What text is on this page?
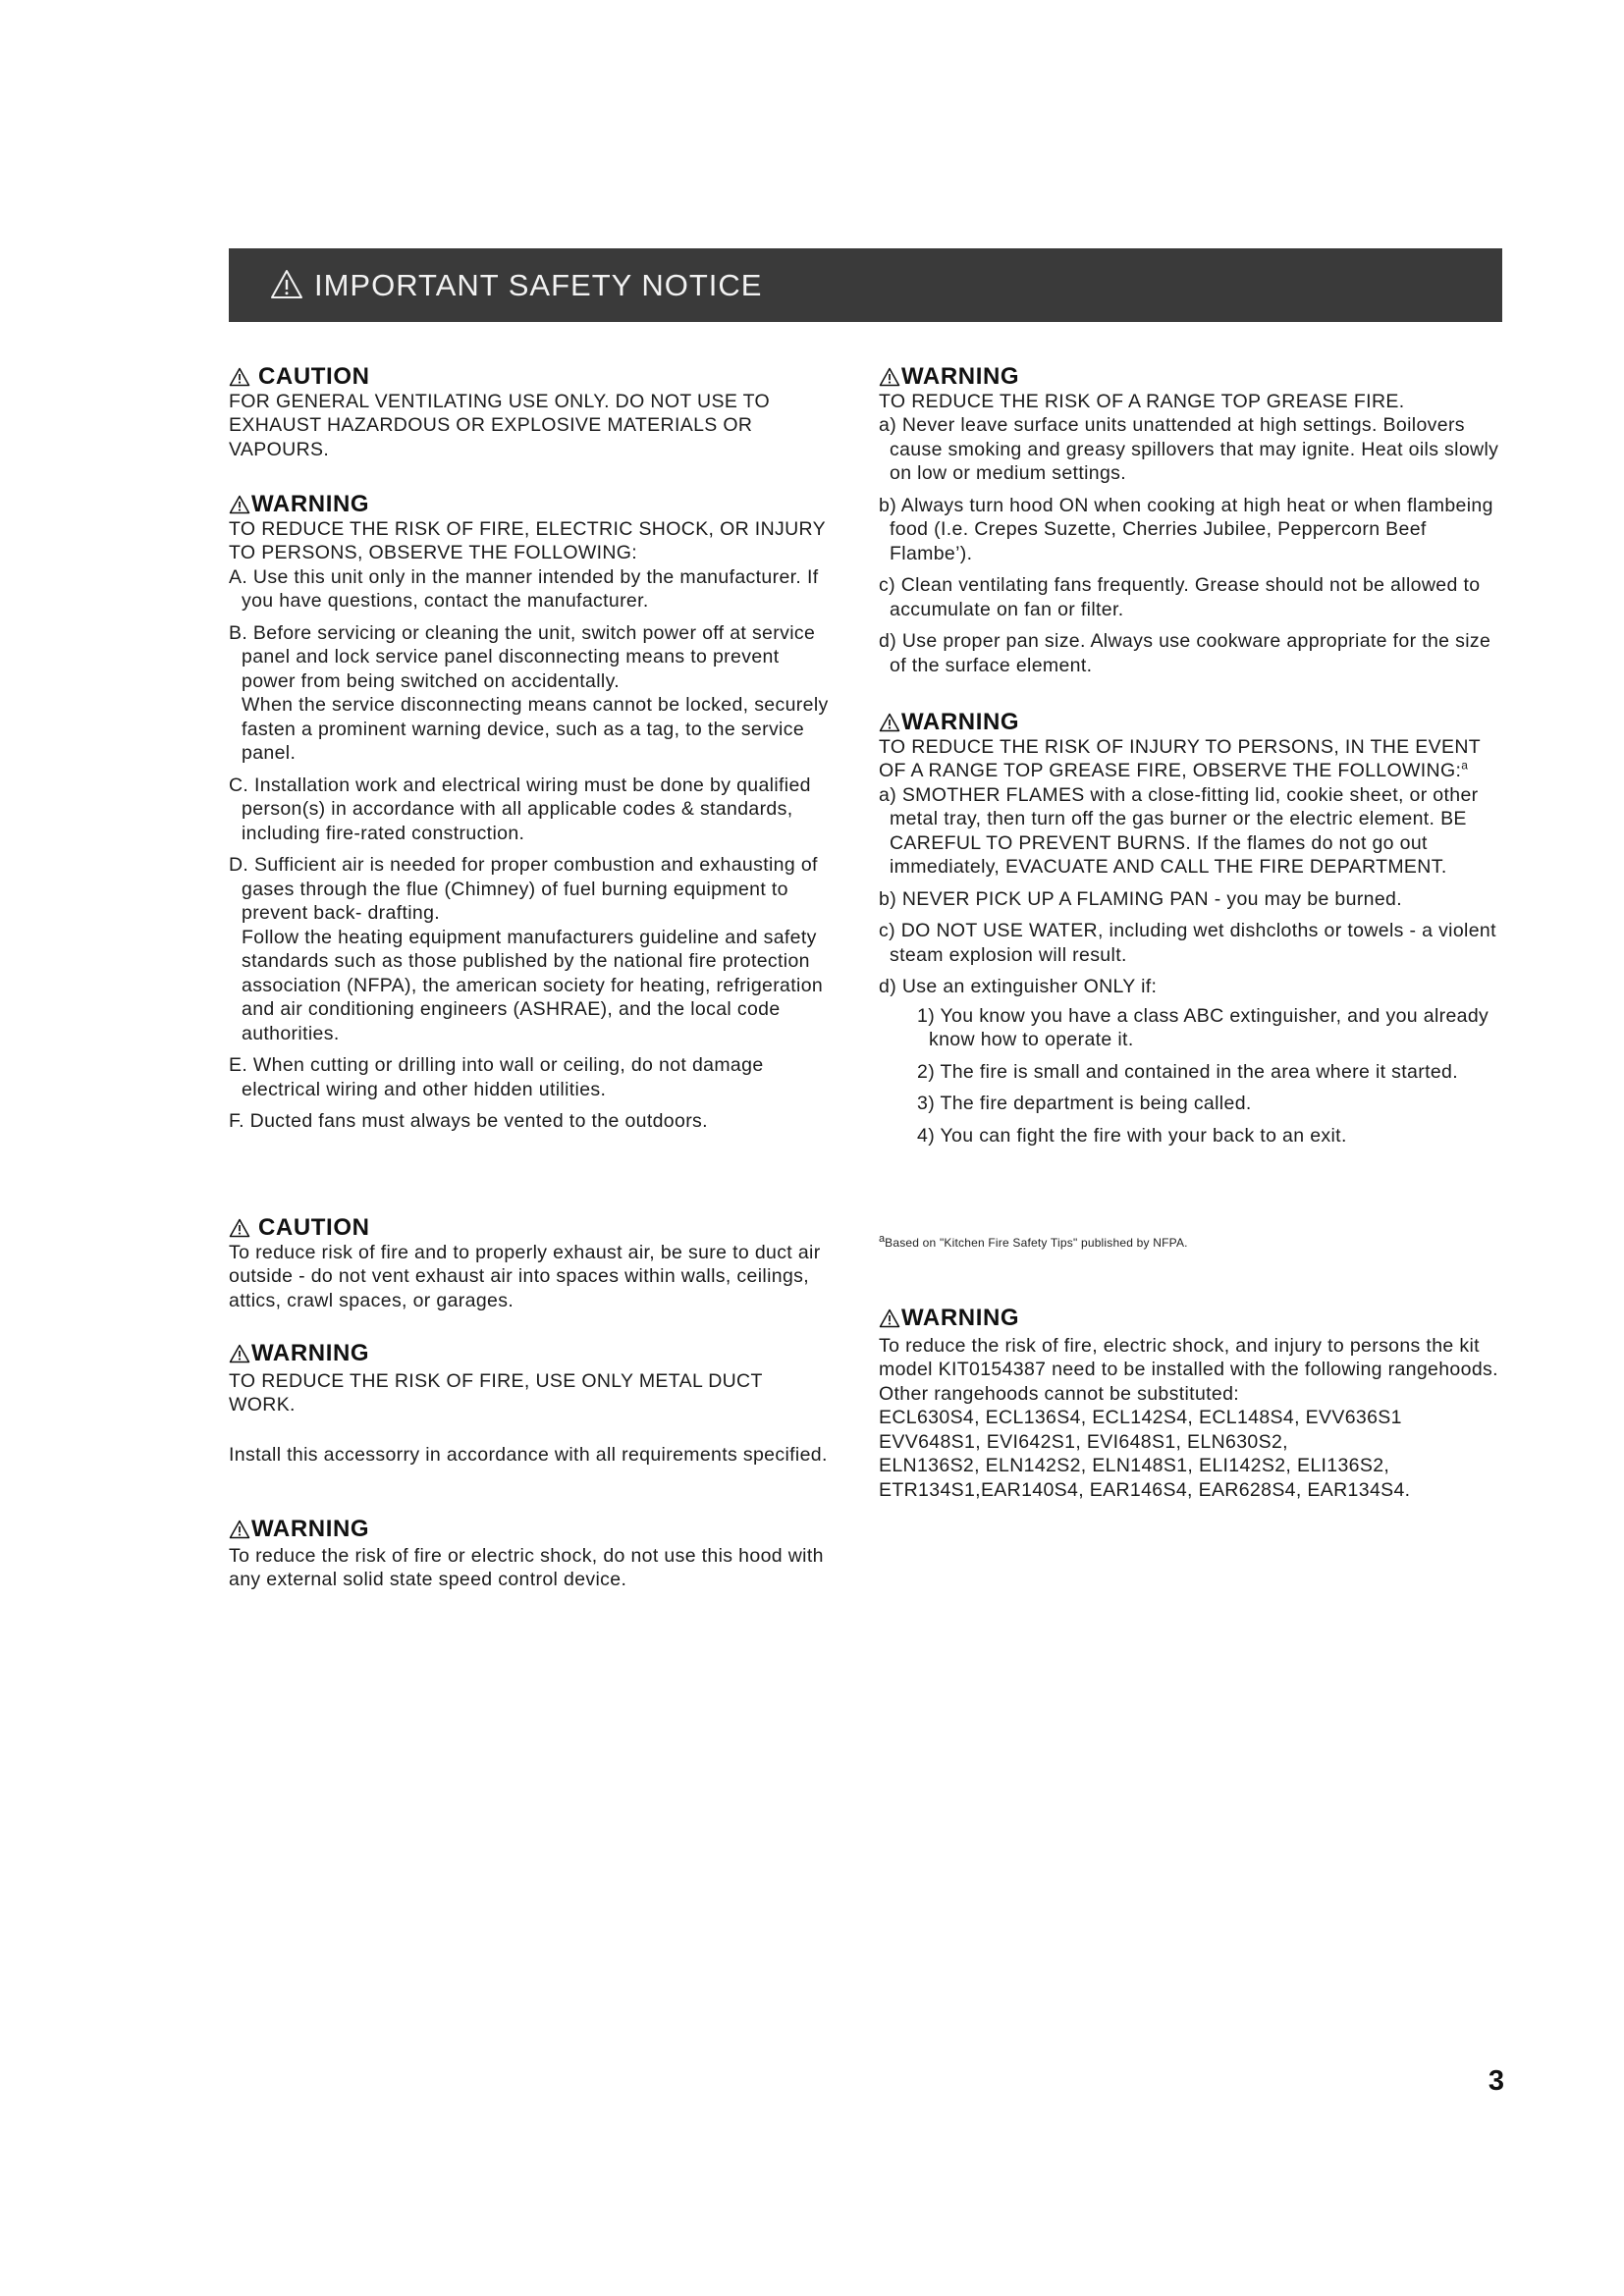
IMPORTANT SAFETY NOTICE
CAUTION

FOR GENERAL VENTILATING USE ONLY. DO NOT USE TO EXHAUST HAZARDOUS OR EXPLOSIVE MATERIALS OR VAPOURS.

WARNING

TO REDUCE THE RISK OF FIRE, ELECTRIC SHOCK, OR INJURY TO PERSONS, OBSERVE THE FOLLOWING:

A. Use this unit only in the manner intended by the manufacturer. If you have questions, contact the manufacturer.

B. Before servicing or cleaning the unit, switch power off at service panel and lock service panel disconnecting means to prevent power from being switched on accidentally.

When the service disconnecting means cannot be locked, securely fasten a prominent warning device, such as a tag, to the service panel.

C. Installation work and electrical wiring must be done by qualified person(s) in accordance with all applicable codes & standards, including fire-rated construction.

D. Sufficient air is needed for proper combustion and exhausting of gases through the flue (Chimney) of fuel burning equipment to prevent back- drafting.

Follow the heating equipment manufacturers guideline and safety standards such as those published by the national fire protection association (NFPA), the american society for heating, refrigeration and air conditioning engineers (ASHRAE), and the local code authorities.

E. When cutting or drilling into wall or ceiling, do not damage electrical wiring and other hidden utilities.

F. Ducted fans must always be vented to the outdoors.

CAUTION

To reduce risk of fire and to properly exhaust air, be sure to duct air outside - do not vent exhaust air into spaces within walls, ceilings, attics, crawl spaces, or garages.

WARNING

TO REDUCE THE RISK OF FIRE, USE ONLY METAL DUCT WORK.

Install this accessorry in accordance with all requirements specified.

WARNING

To reduce the risk of fire or electric shock, do not use this hood with any external solid state speed control device.

WARNING

TO REDUCE THE RISK OF A RANGE TOP GREASE FIRE.

a) Never leave surface units unattended at high settings. Boilovers cause smoking and greasy spillovers that may ignite. Heat oils slowly on low or medium settings.

b) Always turn hood ON when cooking at high heat or when flambeing food (I.e. Crepes Suzette, Cherries Jubilee, Peppercorn Beef Flambe’).

c) Clean ventilating fans frequently. Grease should not be allowed to accumulate on fan or filter.

d) Use proper pan size. Always use cookware appropriate for the size of the surface element.

WARNING

TO REDUCE THE RISK OF INJURY TO PERSONS, IN THE EVENT OF A RANGE TOP GREASE FIRE, OBSERVE THE FOLLOWING:$^a$

a) SMOTHER FLAMES with a close-fitting lid, cookie sheet, or other metal tray, then turn off the gas burner or the electric element. BE CAREFUL TO PREVENT BURNS. If the flames do not go out immediately, EVACUATE AND CALL THE FIRE DEPARTMENT.

b) NEVER PICK UP A FLAMING PAN - you may be burned.

c) DO NOT USE WATER, including wet dishcloths or towels - a violent steam explosion will result.

d) Use an extinguisher ONLY if:

1) You know you have a class ABC extinguisher, and you already know how to operate it.

2) The fire is small and contained in the area where it started.

3) The fire department is being called.

4) You can fight the fire with your back to an exit.

$^a$Based on "Kitchen Fire Safety Tips" published by NFPA.
WARNING

To reduce the risk of fire, electric shock, and injury to persons the kit model KIT0154387 need to be installed with the following rangehoods. Other rangehoods cannot be substituted:

ECL630S4, ECL136S4, ECL142S4, ECL148S4, EVV636S1

EVV648S1, EVI642S1, EVI648S1, ELN630S2,

ELN136S2, ELN142S2, ELN148S1, ELI142S2, ELI136S2,

ETR134S1,EAR140S4, EAR146S4, EAR628S4, EAR134S4.

3
